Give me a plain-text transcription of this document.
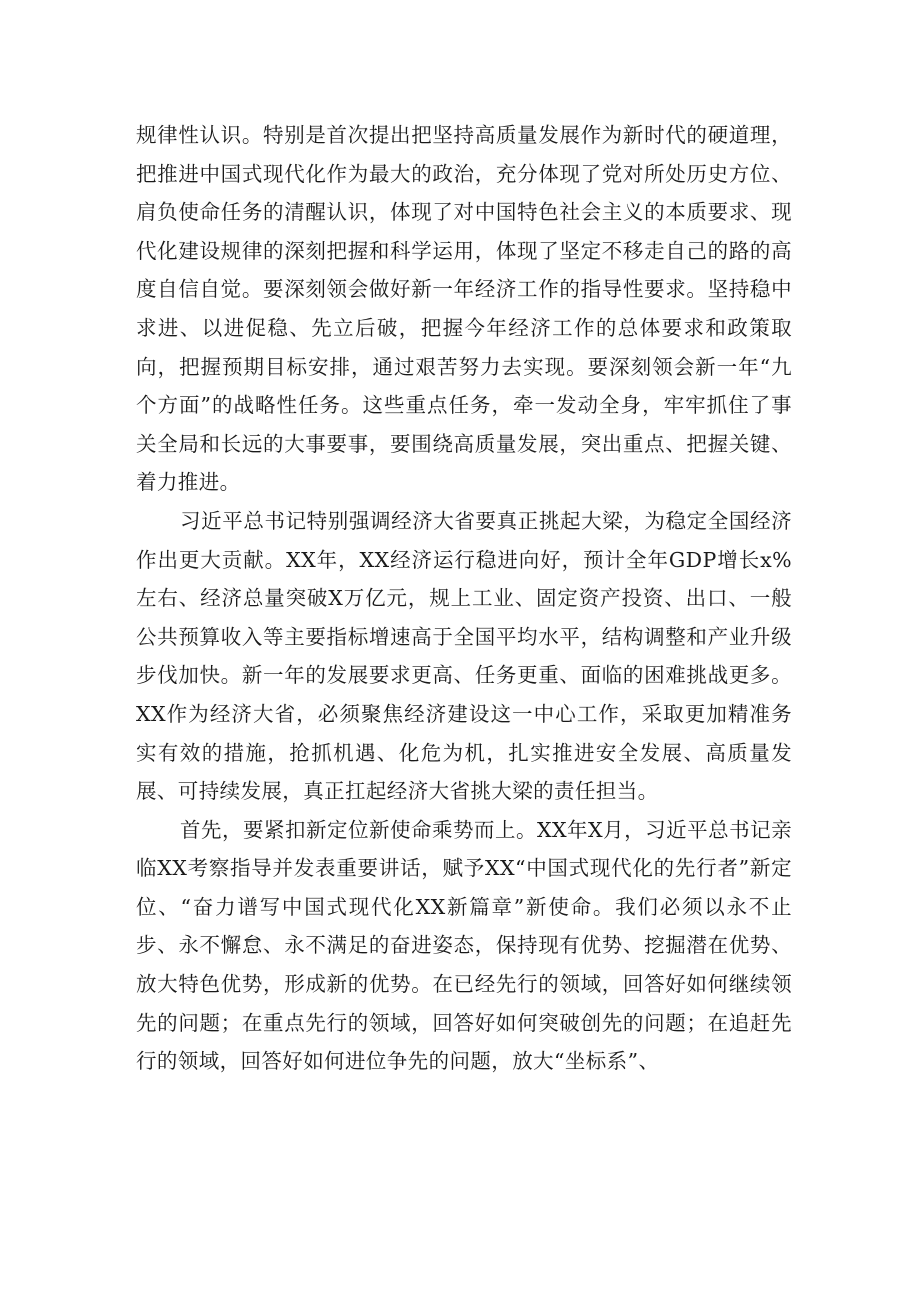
规律性认识。特别是首次提出把坚持高质量发展作为新时代的硬道理，把推进中国式现代化作为最大的政治，充分体现了党对所处历史方位、肩负使命任务的清醒认识，体现了对中国特色社会主义的本质要求、现代化建设规律的深刻把握和科学运用，体现了坚定不移走自己的路的高度自信自觉。要深刻领会做好新一年经济工作的指导性要求。坚持稳中求进、以进促稳、先立后破，把握今年经济工作的总体要求和政策取向，把握预期目标安排，通过艰苦努力去实现。要深刻领会新一年“九个方面”的战略性任务。这些重点任务，牵一发动全身，牢牢抓住了事关全局和长远的大事要事，要围绕高质量发展，突出重点、把握关键、着力推进。

习近平总书记特别强调经济大省要真正挑起大梁，为稳定全国经济作出更大贡献。XX年，XX经济运行稳进向好，预计全年GDP增长x%左右、经济总量突破X万亿元，规上工业、固定资产投资、出口、一般公共预算收入等主要指标增速高于全国平均水平，结构调整和产业升级步伐加快。新一年的发展要求更高、任务更重、面临的困难挑战更多。XX作为经济大省，必须聚焦经济建设这一中心工作，采取更加精准务实有效的措施，抢抓机遇、化危为机，扎实推进安全发展、高质量发展、可持续发展，真正扛起经济大省挑大梁的责任担当。

首先，要紧扣新定位新使命乘势而上。XX年X月，习近平总书记亲临XX考察指导并发表重要讲话，赋予XX“中国式现代化的先行者”新定位、“奋力谱写中国式现代化XX新篇章”新使命。我们必须以永不止步、永不懈怠、永不满足的奋进姿态，保持现有优势、挖掘潜在优势、放大特色优势，形成新的优势。在已经先行的领域，回答好如何继续领先的问题；在重点先行的领域，回答好如何突破创先的问题；在追赶先行的领域，回答好如何进位争先的问题，放大“坐标系”、
